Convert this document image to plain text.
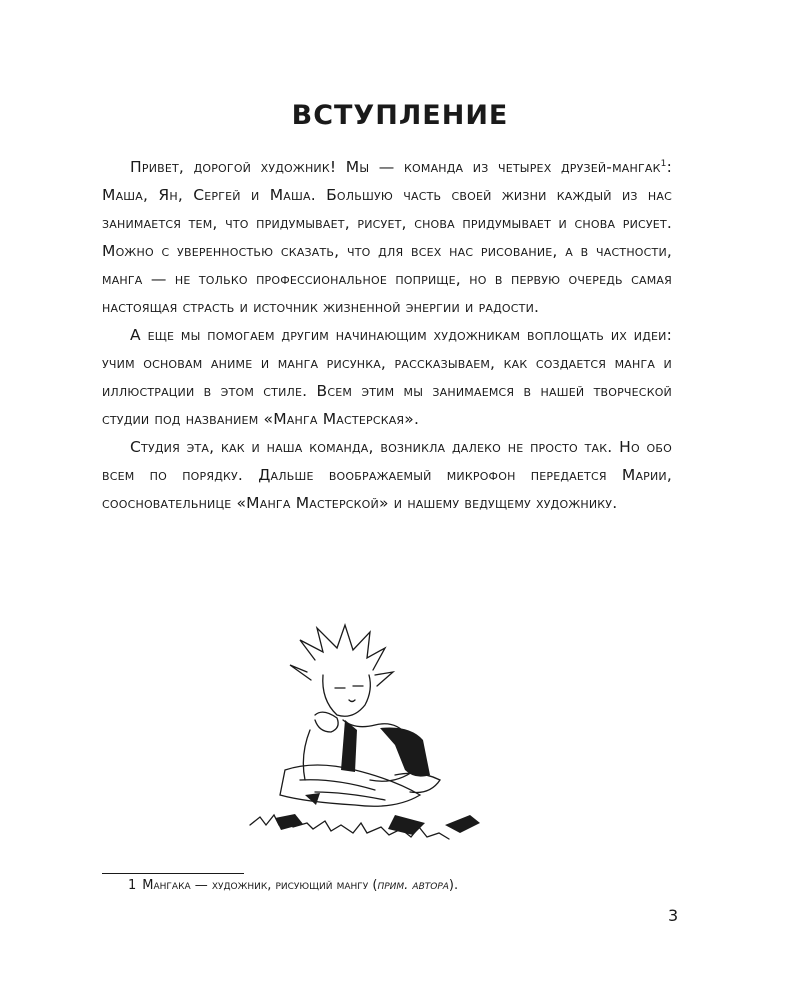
ВСТУПЛЕНИЕ

Привет, дорогой художник! Мы — команда из четырех друзей-мангак$^1$: Маша, Ян, Сергей и Маша. Большую часть своей жизни каждый из нас занимается тем, что придумывает, рисует, снова придумывает и снова рисует. Можно с уверенностью сказать, что для всех нас рисование, а в частности, манга — не только профессиональное поприще, но в первую очередь самая настоящая страсть и источник жизненной энергии и радости.

А еще мы помогаем другим начинающим художникам воплощать их идеи: учим основам аниме и манга рисунка, рассказываем, как создается манга и иллюстрации в этом стиле. Всем этим мы занимаемся в нашей творческой студии под названием «Манга Мастерская».

Студия эта, как и наша команда, возникла далеко не просто так. Но обо всем по порядку. Дальше воображаемый микрофон передается Марии, соосновательнице «Манга Мастерской» и нашему ведущему художнику.

1 Мангака — художник, рисующий мангу (прим. автора).
3
